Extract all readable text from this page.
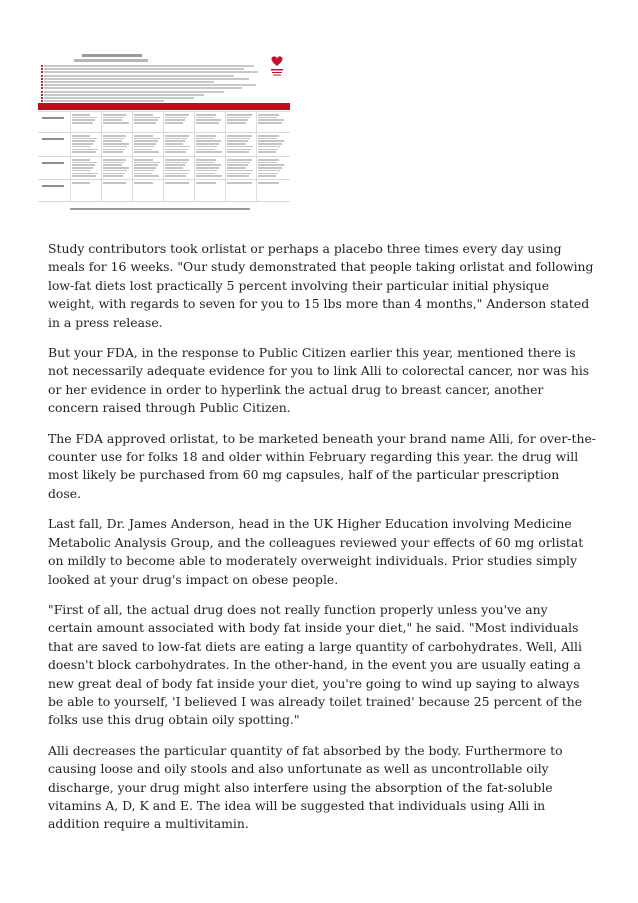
Study contributors took orlistat or perhaps a placebo three times every day using meals for 16 weeks. "Our study demonstrated that people taking orlistat and following low-fat diets lost practically 5 percent involving their particular initial physique weight, with regards to seven for you to 15 lbs more than 4 months," Anderson stated in a press release.

But your FDA, in the response to Public Citizen earlier this year, mentioned there is not necessarily adequate evidence for you to link Alli to colorectal cancer, nor was his or her evidence in order to hyperlink the actual drug to breast cancer, another concern raised through Public Citizen.

The FDA approved orlistat, to be marketed beneath your brand name Alli, for over-the-counter use for folks 18 and older within February regarding this year. the drug will most likely be purchased from 60 mg capsules, half of the particular prescription dose.

Last fall, Dr. James Anderson, head in the UK Higher Education involving Medicine Metabolic Analysis Group, and the colleagues reviewed your effects of 60 mg orlistat on mildly to become able to moderately overweight individuals. Prior studies simply looked at your drug's impact on obese people.

"First of all, the actual drug does not really function properly unless you've any certain amount associated with body fat inside your diet," he said. "Most individuals that are saved to low-fat diets are eating a large quantity of carbohydrates. Well, Alli doesn't block carbohydrates. In the other-hand, in the event you are usually eating a new great deal of body fat inside your diet, you're going to wind up saying to always be able to yourself, 'I believed I was already toilet trained' because 25 percent of the folks use this drug obtain oily spotting."

Alli decreases the particular quantity of fat absorbed by the body. Furthermore to causing loose and oily stools and also unfortunate as well as uncontrollable oily discharge, your drug might also interfere using the absorption of the fat-soluble vitamins A, D, K and E. The idea will be suggested that individuals using Alli in addition require a multivitamin.
